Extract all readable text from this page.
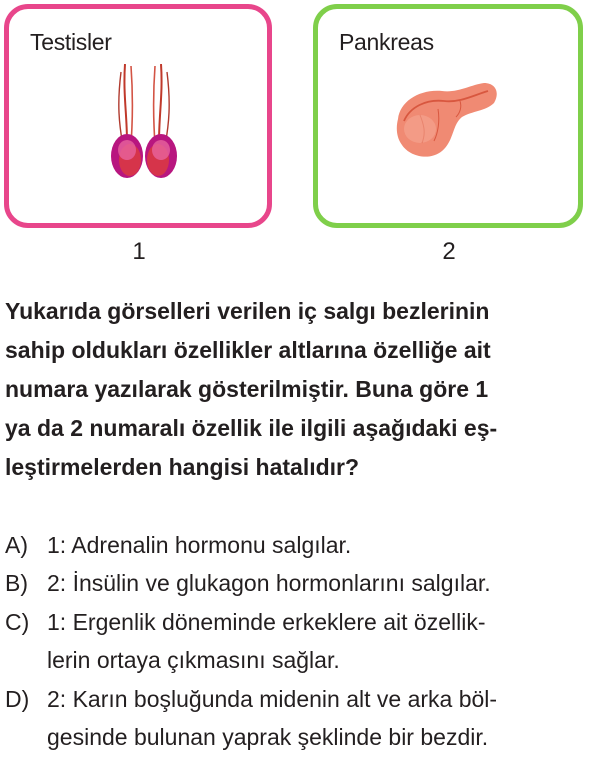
Testisler	Pankreas
1	2
Yukarıda görselleri verilen iç salgı bezlerinin
sahip oldukları özellikler altlarına özelliğe ait
numara yazılarak gösterilmiştir. Buna göre 1
ya da 2 numaralı özellik ile ilgili aşağıdaki eş-
leştirmelerden hangisi hatalıdır?
A) 1: Adrenalin hormonu salgılar.
B) 2: İnsülin ve glukagon hormonlarını salgılar.
C) 1: Ergenlik döneminde erkeklere ait özellik-
lerin ortaya çıkmasını sağlar.
D) 2: Karın boşluğunda midenin alt ve arka böl-
gesinde bulunan yaprak şeklinde bir bezdir.
